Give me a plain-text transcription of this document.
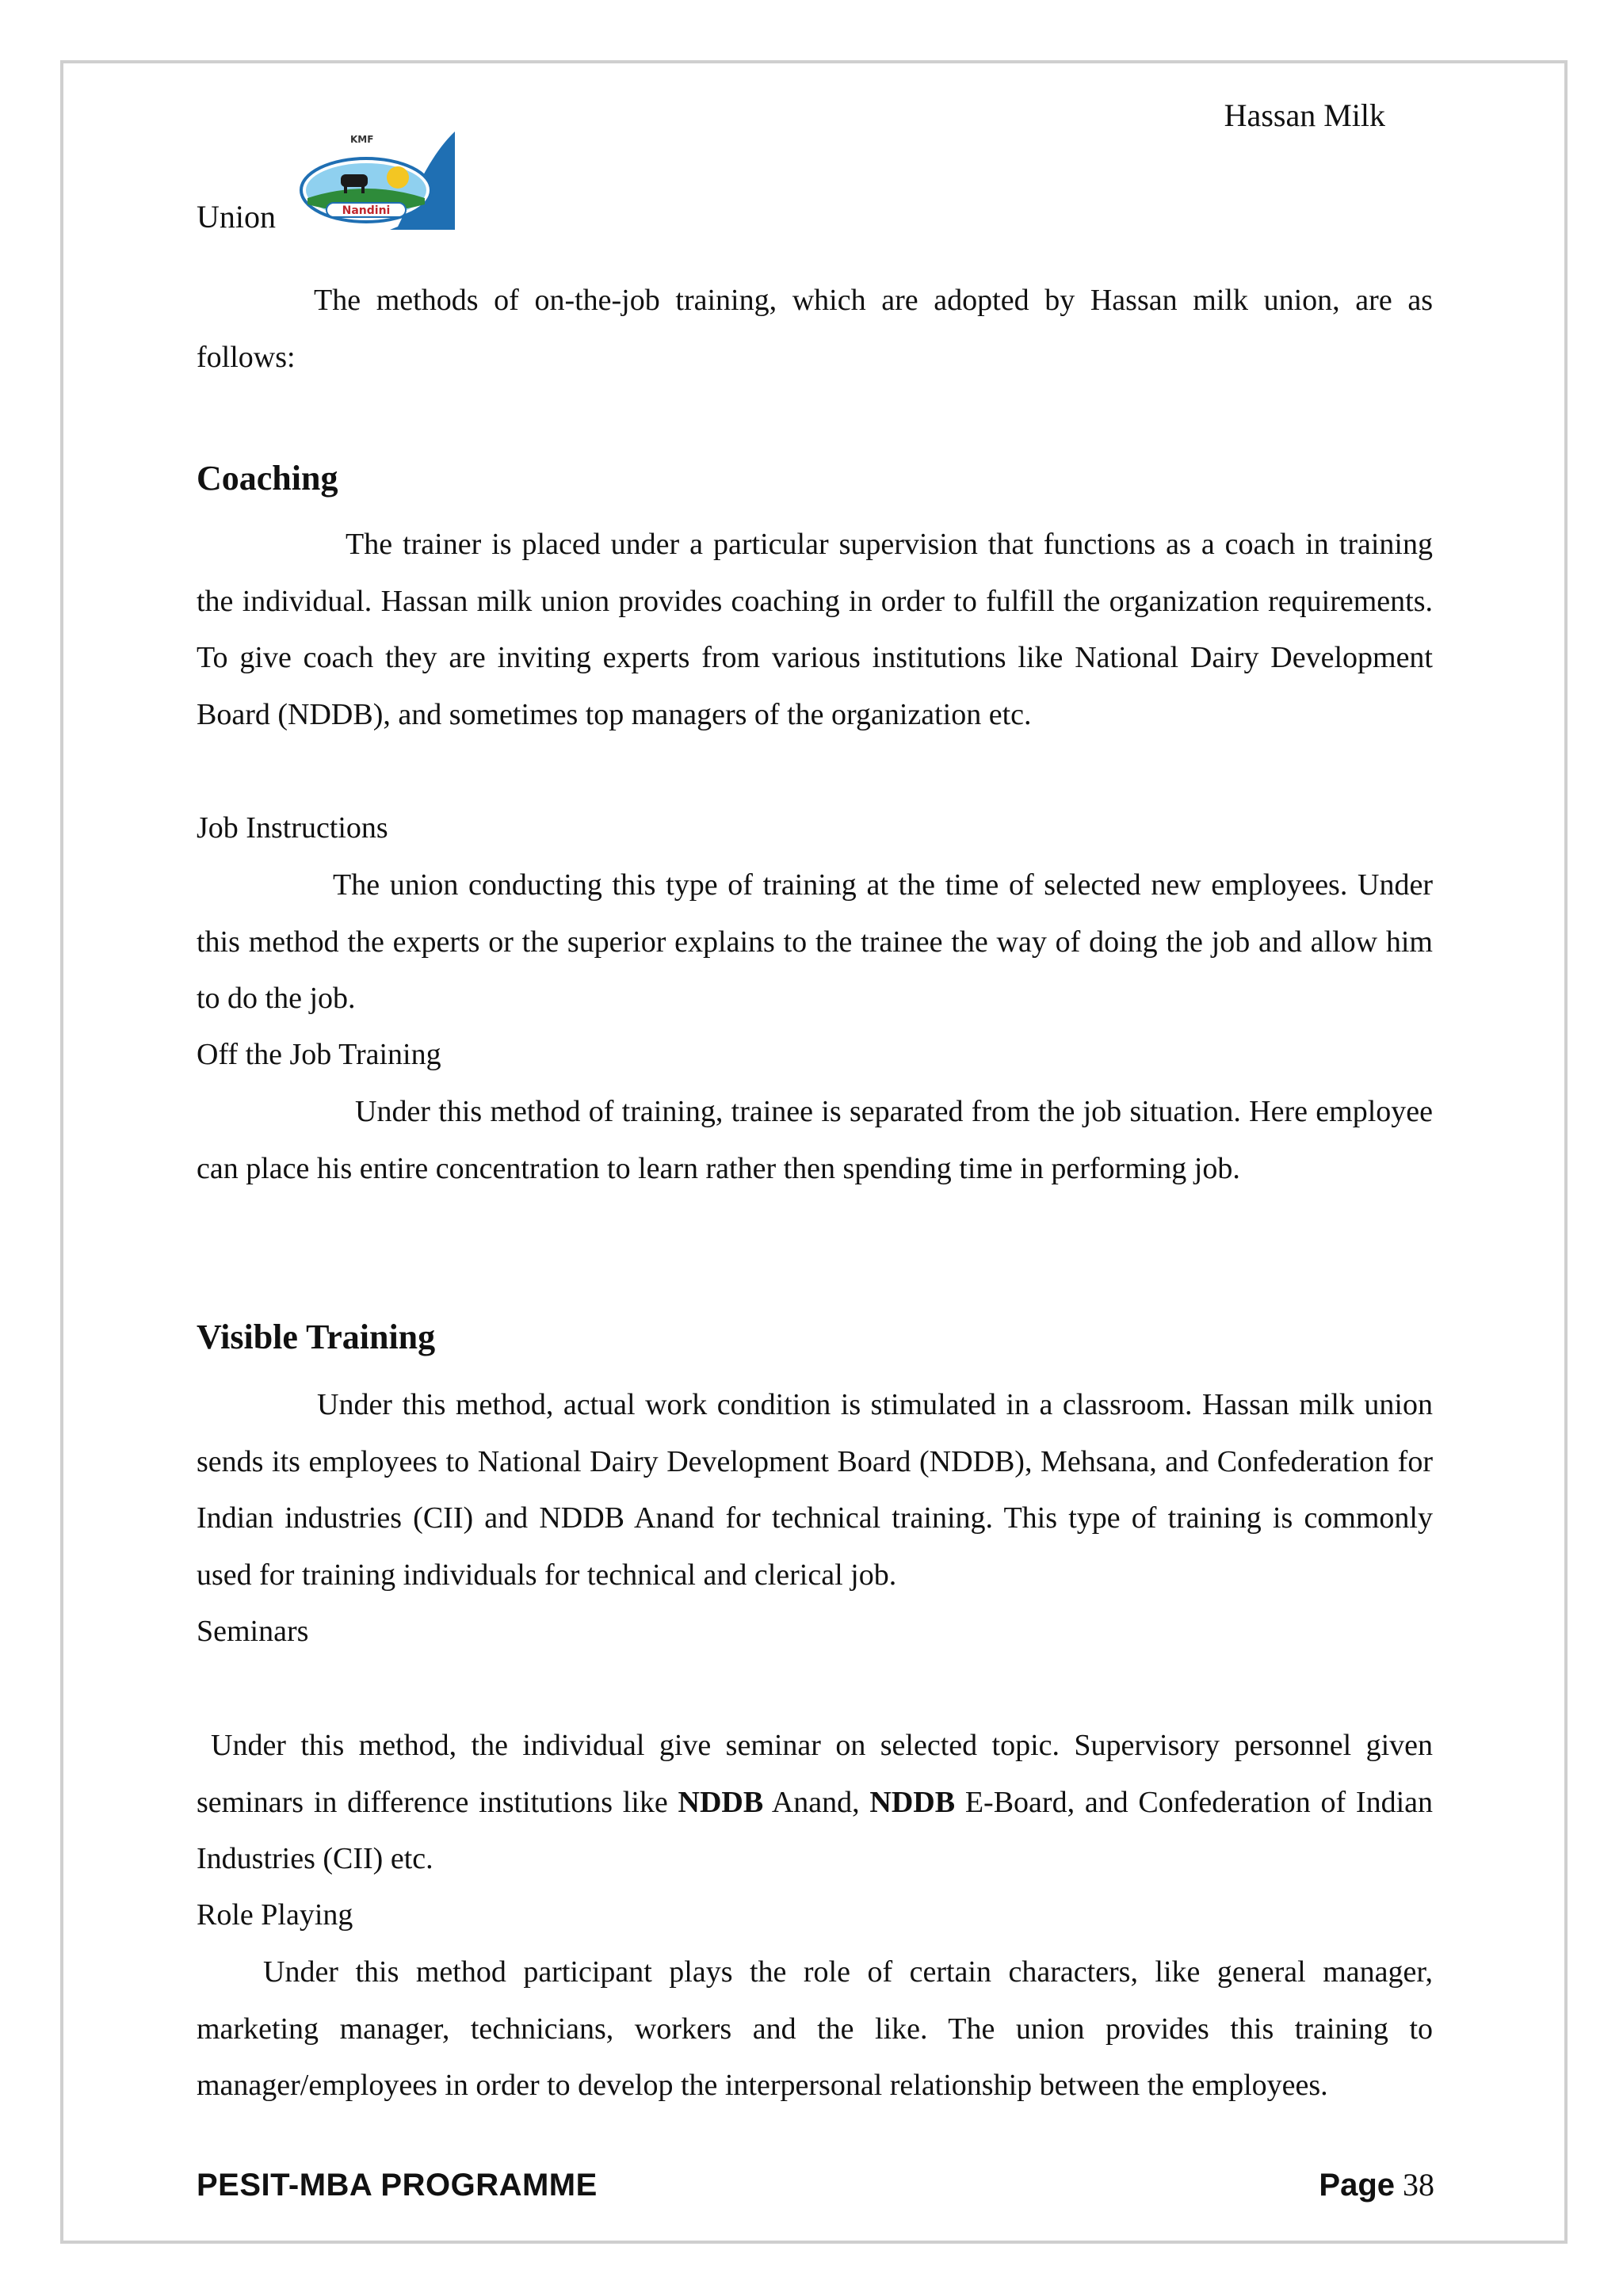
Hassan Milk
Union	Nandini
KMF

The methods of on-the-job training, which are adopted by Hassan milk union, are as follows:

Coaching

The trainer is placed under a particular supervision that functions as a coach in training the individual. Hassan milk union provides coaching in order to fulfill the organization requirements. To give coach they are inviting experts from various institutions like National Dairy Development Board (NDDB), and sometimes top managers of the organization etc.

Job Instructions

The union conducting this type of training at the time of selected new employees. Under this method the experts or the superior explains to the trainee the way of doing the job and allow him to do the job.

Off the Job Training

Under this method of training, trainee is separated from the job situation. Here employee can place his entire concentration to learn rather then spending time in performing job.

Visible Training

Under this method, actual work condition is stimulated in a classroom. Hassan milk union sends its employees to National Dairy Development Board (NDDB), Mehsana, and Confederation for Indian industries (CII) and NDDB Anand for technical training. This type of training is commonly used for training individuals for technical and clerical job.

Seminars

Under this method, the individual give seminar on selected topic. Supervisory personnel given seminars in difference institutions like NDDB Anand, NDDB E-Board, and Confederation of Indian Industries (CII) etc.

Role Playing

Under this method participant plays the role of certain characters, like general manager, marketing manager, technicians, workers and the like. The union provides this training to manager/employees in order to develop the interpersonal relationship between the employees.

PESIT-MBA PROGRAMME	Page 38
